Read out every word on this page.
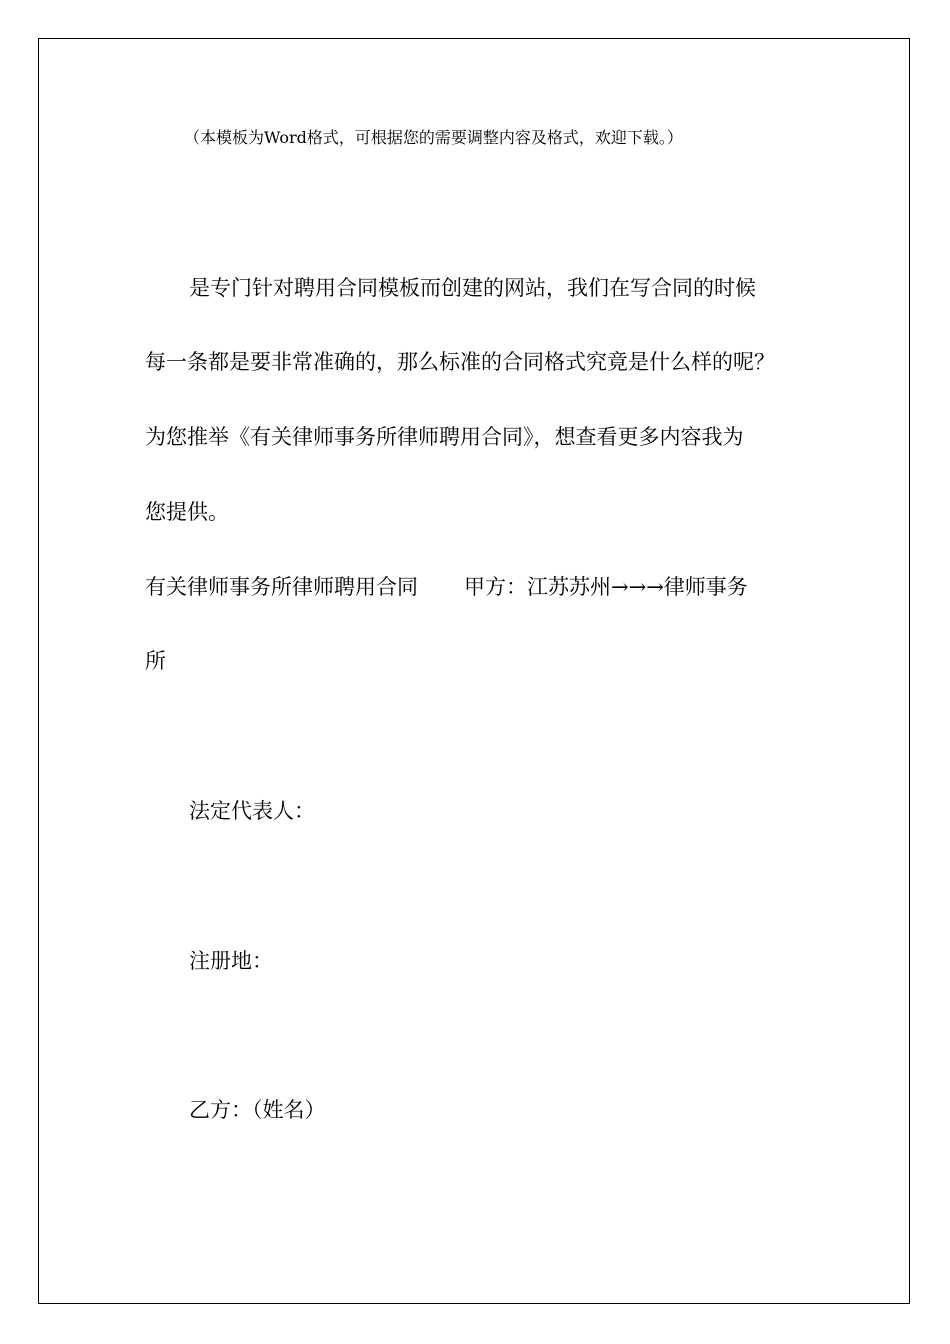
（本模板为Word格式，可根据您的需要调整内容及格式，欢迎下载。）
是专门针对聘用合同模板而创建的网站，我们在写合同的时候
每一条都是要非常准确的，那么标准的合同格式究竟是什么样的呢？
为您推举《有关律师事务所律师聘用合同》，想查看更多内容我为
您提供。
有关律师事务所律师聘用合同 甲方：江苏苏州→→→律师事务
所
法定代表人：
注册地：
乙方：（姓名）
